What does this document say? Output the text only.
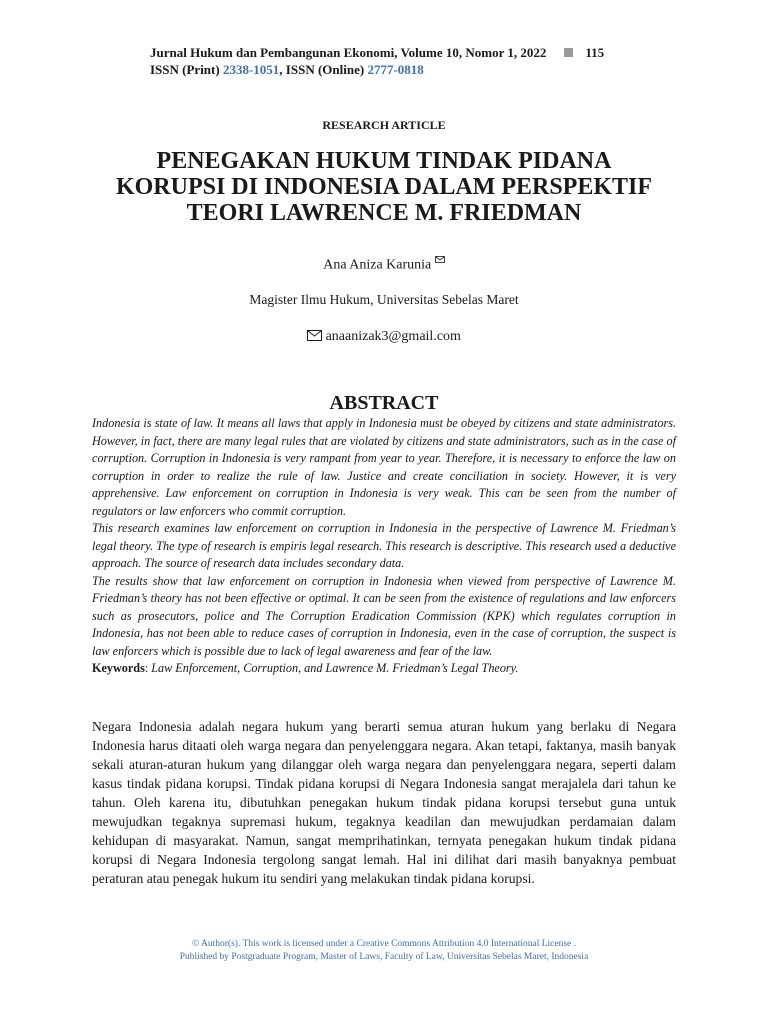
Jurnal Hukum dan Pembangunan Ekonomi, Volume 10, Nomor 1, 2022	115
ISSN (Print) 2338-1051, ISSN (Online) 2777-0818
RESEARCH ARTICLE
PENEGAKAN HUKUM TINDAK PIDANA
KORUPSI DI INDONESIA DALAM PERSPEKTIF
TEORI LAWRENCE M. FRIEDMAN
Ana Aniza Karunia
Magister Ilmu Hukum, Universitas Sebelas Maret
anaanizak3@gmail.com
ABSTRACT

Indonesia is state of law. It means all laws that apply in Indonesia must be obeyed by citizens and state administrators. However, in fact, there are many legal rules that are violated by citizens and state administrators, such as in the case of corruption. Corruption in Indonesia is very rampant from year to year. Therefore, it is necessary to enforce the law on corruption in order to realize the rule of law. Justice and create conciliation in society. However, it is very apprehensive. Law enforcement on corruption in Indonesia is very weak. This can be seen from the number of regulators or law enforcers who commit corruption.

This research examines law enforcement on corruption in Indonesia in the perspective of Lawrence M. Friedman’s legal theory. The type of research is empiris legal research. This research is descriptive. This research used a deductive approach. The source of research data includes secondary data.

The results show that law enforcement on corruption in Indonesia when viewed from perspective of Lawrence M. Friedman’s theory has not been effective or optimal. It can be seen from the existence of regulations and law enforcers such as prosecutors, police and The Corruption Eradication Commission (KPK) which regulates corruption in Indonesia, has not been able to reduce cases of corruption in Indonesia, even in the case of corruption, the suspect is law enforcers which is possible due to lack of legal awareness and fear of the law.

Keywords: Law Enforcement, Corruption, and Lawrence M. Friedman’s Legal Theory.

Negara Indonesia adalah negara hukum yang berarti semua aturan hukum yang berlaku di Negara Indonesia harus ditaati oleh warga negara dan penyelenggara negara. Akan tetapi, faktanya, masih banyak sekali aturan-aturan hukum yang dilanggar oleh warga negara dan penyelenggara negara, seperti dalam kasus tindak pidana korupsi. Tindak pidana korupsi di Negara Indonesia sangat merajalela dari tahun ke tahun. Oleh karena itu, dibutuhkan penegakan hukum tindak pidana korupsi tersebut guna untuk mewujudkan tegaknya supremasi hukum, tegaknya keadilan dan mewujudkan perdamaian dalam kehidupan di masyarakat. Namun, sangat memprihatinkan, ternyata penegakan hukum tindak pidana korupsi di Negara Indonesia tergolong sangat lemah. Hal ini dilihat dari masih banyaknya pembuat peraturan atau penegak hukum itu sendiri yang melakukan tindak pidana korupsi.
© Author(s). This work is licensed under a Creative Commons Attribution 4.0 International License .
Published by Postgraduate Program, Master of Laws, Faculty of Law, Universitas Sebelas Maret, Indonesia
